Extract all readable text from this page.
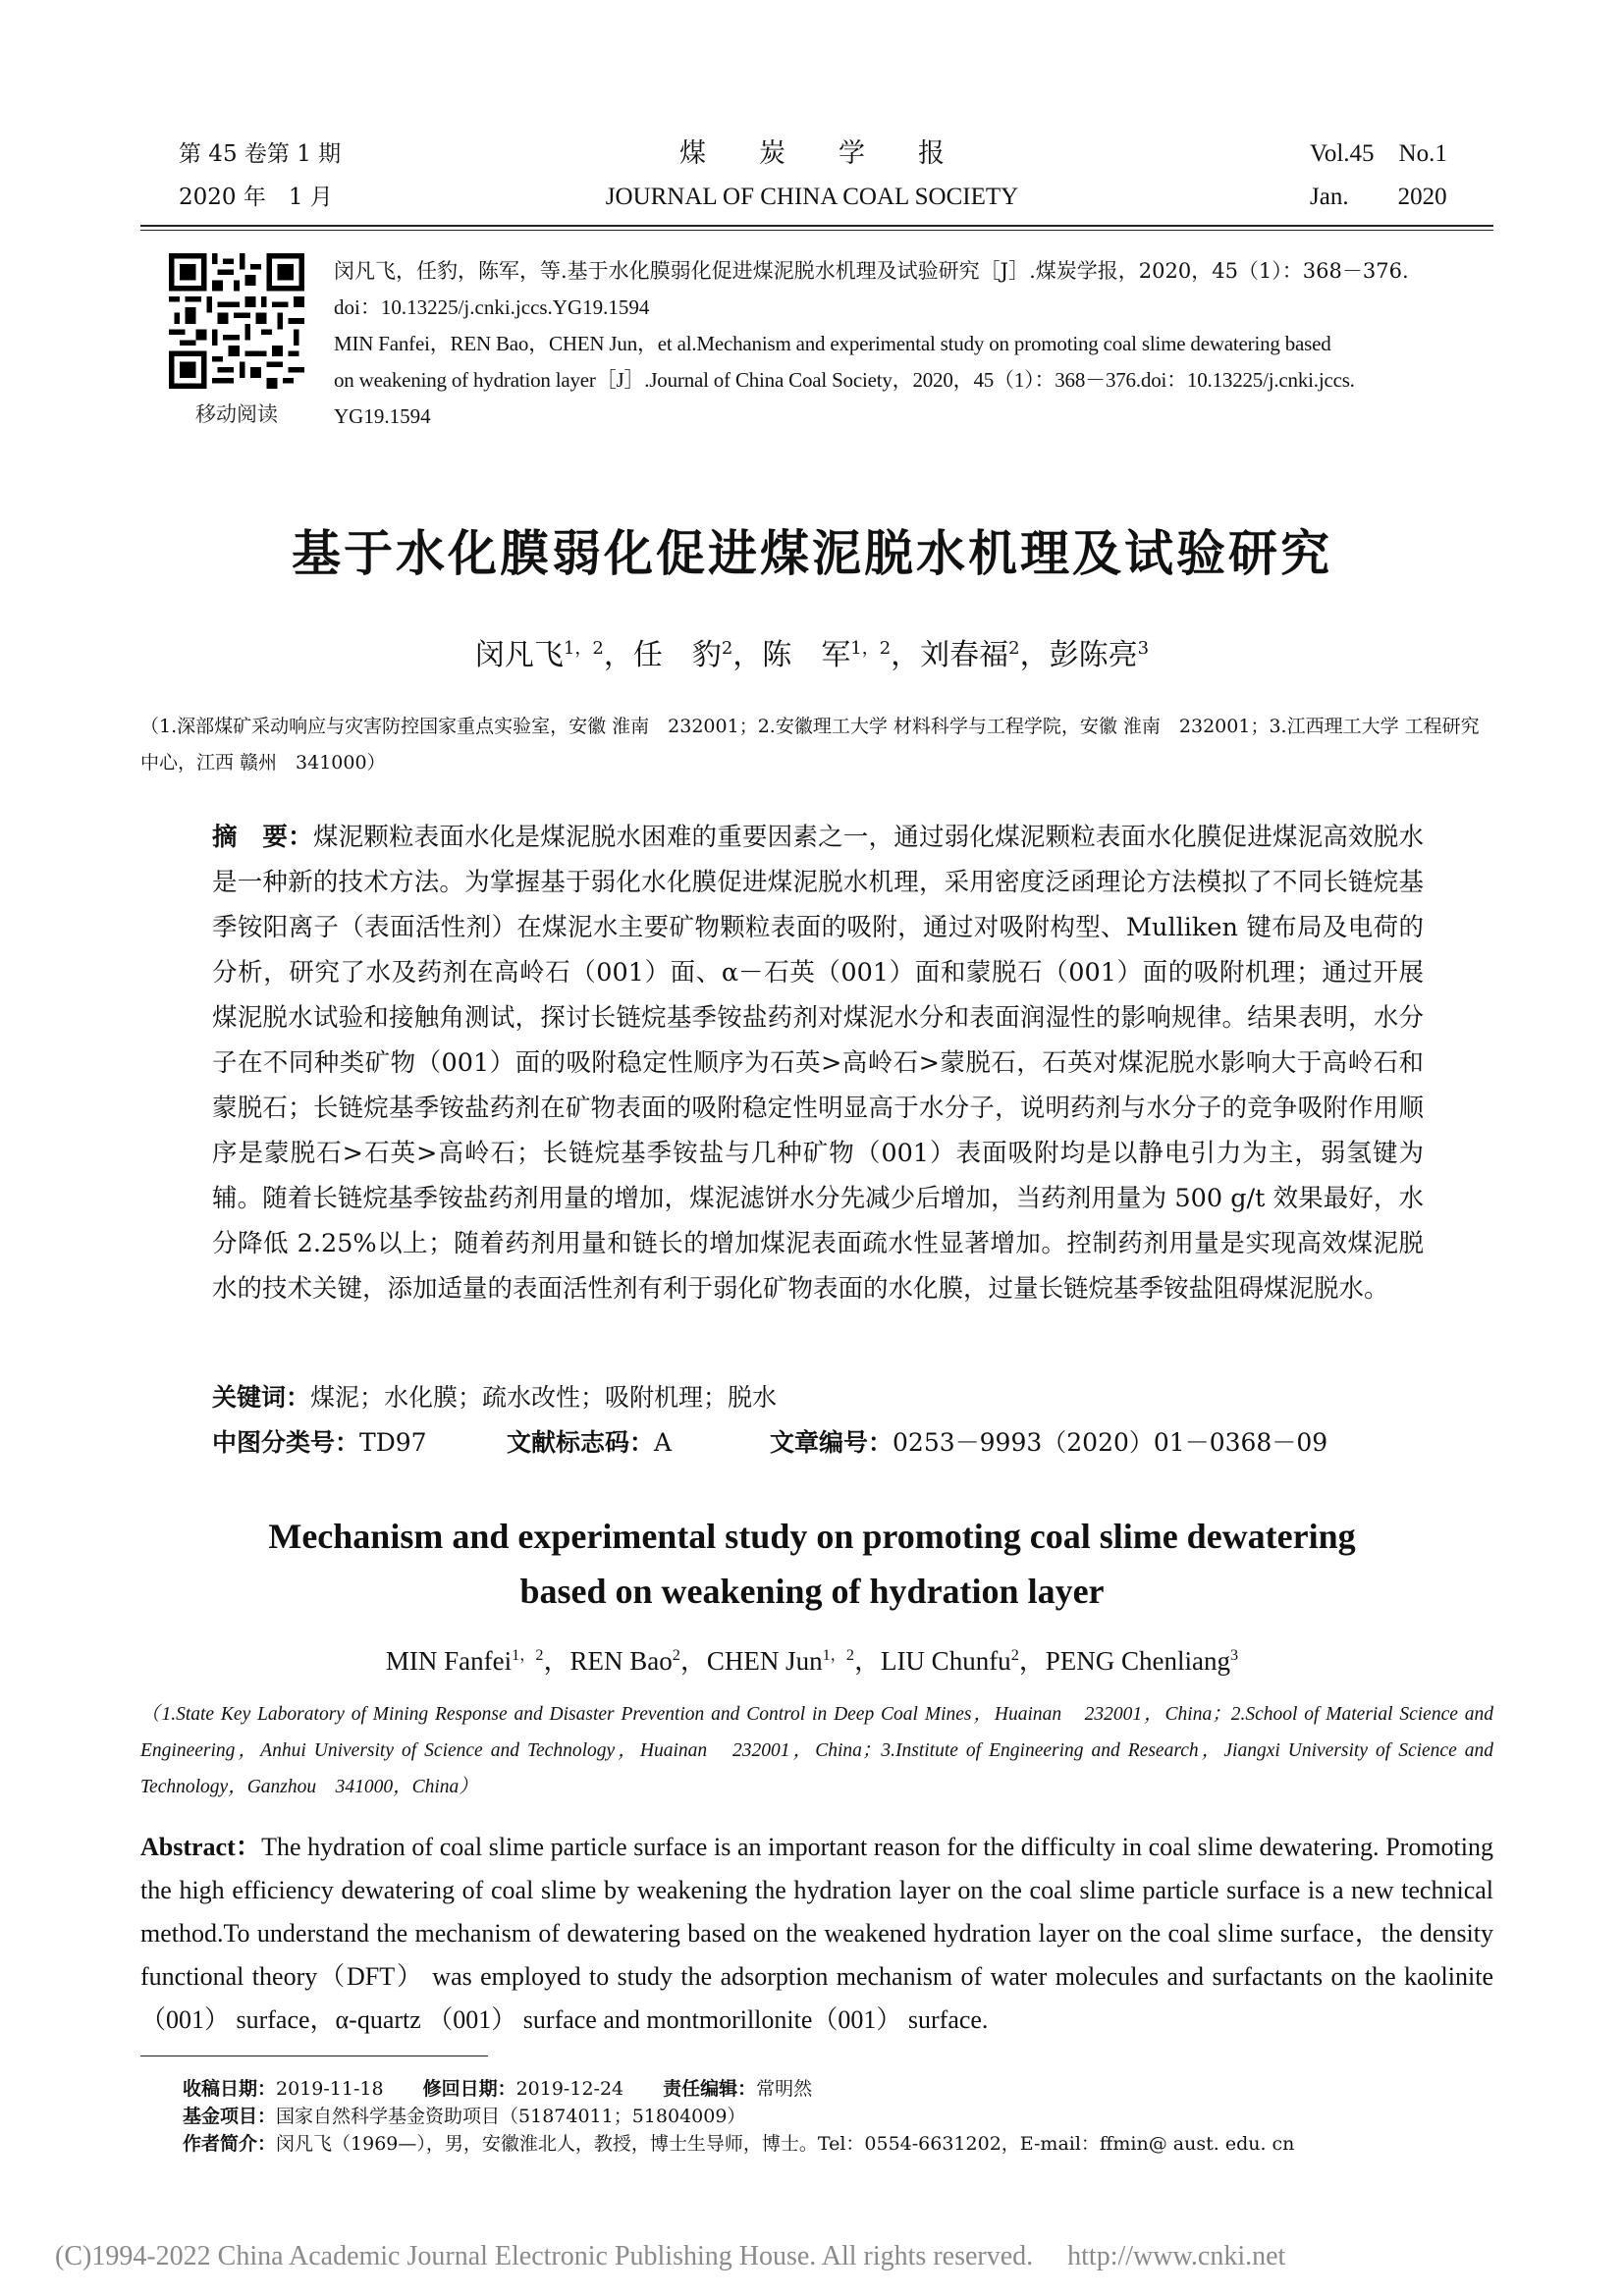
第 45 卷第 1 期
2020 年　1 月
煤　　炭　　学　　报
JOURNAL OF CHINA COAL SOCIETY
Vol.45　No.1
Jan.　　2020
移动阅读
闵凡飞，任豹，陈军，等.基于水化膜弱化促进煤泥脱水机理及试验研究［J］.煤炭学报，2020，45（1）：368－376.
doi：10.13225/j.cnki.jccs.YG19.1594
MIN Fanfei，REN Bao，CHEN Jun，et al.Mechanism and experimental study on promoting coal slime dewatering based
on weakening of hydration layer［J］.Journal of China Coal Society，2020，45（1）：368－376.doi：10.13225/j.cnki.jccs.
YG19.1594
基于水化膜弱化促进煤泥脱水机理及试验研究
闵凡飞$^{1,2}$，任　豹$^2$，陈　军$^{1,2}$，刘春福$^2$，彭陈亮$^3$
（1.深部煤矿采动响应与灾害防控国家重点实验室，安徽 淮南　232001；2.安徽理工大学 材料科学与工程学院，安徽 淮南　232001；3.江西理工大学 工程研究中心，江西 赣州　341000）
摘　要：煤泥颗粒表面水化是煤泥脱水困难的重要因素之一，通过弱化煤泥颗粒表面水化膜促进煤泥高效脱水是一种新的技术方法。为掌握基于弱化水化膜促进煤泥脱水机理，采用密度泛函理论方法模拟了不同长链烷基季铵阳离子（表面活性剂）在煤泥水主要矿物颗粒表面的吸附，通过对吸附构型、Mulliken 键布局及电荷的分析，研究了水及药剂在高岭石（001）面、α－石英（001）面和蒙脱石（001）面的吸附机理；通过开展煤泥脱水试验和接触角测试，探讨长链烷基季铵盐药剂对煤泥水分和表面润湿性的影响规律。结果表明，水分子在不同种类矿物（001）面的吸附稳定性顺序为石英>高岭石>蒙脱石，石英对煤泥脱水影响大于高岭石和蒙脱石；长链烷基季铵盐药剂在矿物表面的吸附稳定性明显高于水分子，说明药剂与水分子的竞争吸附作用顺序是蒙脱石>石英>高岭石；长链烷基季铵盐与几种矿物（001）表面吸附均是以静电引力为主，弱氢键为辅。随着长链烷基季铵盐药剂用量的增加，煤泥滤饼水分先减少后增加，当药剂用量为 500 g/t 效果最好，水分降低 2.25%以上；随着药剂用量和链长的增加煤泥表面疏水性显著增加。控制药剂用量是实现高效煤泥脱水的技术关键，添加适量的表面活性剂有利于弱化矿物表面的水化膜，过量长链烷基季铵盐阻碍煤泥脱水。
关键词：煤泥；水化膜；疏水改性；吸附机理；脱水
中图分类号：TD97	文献标志码：A	文章编号：0253－9993（2020）01－0368－09
Mechanism and experimental study on promoting coal slime dewatering
based on weakening of hydration layer
MIN Fanfei$^{1,2}$，REN Bao$^2$，CHEN Jun$^{1,2}$，LIU Chunfu$^2$，PENG Chenliang$^3$
（1.State Key Laboratory of Mining Response and Disaster Prevention and Control in Deep Coal Mines，Huainan　232001，China；2.School of Material Science and Engineering，Anhui University of Science and Technology，Huainan　232001，China；3.Institute of Engineering and Research，Jiangxi University of Science and Technology，Ganzhou　341000，China）
Abstract：The hydration of coal slime particle surface is an important reason for the difficulty in coal slime dewatering. Promoting the high efficiency dewatering of coal slime by weakening the hydration layer on the coal slime particle surface is a new technical method.To understand the mechanism of dewatering based on the weakened hydration layer on the coal slime surface，the density functional theory（DFT） was employed to study the adsorption mechanism of water molecules and surfactants on the kaolinite（001） surface，α-quartz （001） surface and montmorillonite（001） surface.
收稿日期：2019-11-18 修回日期：2019-12-24 责任编辑：常明然
基金项目：国家自然科学基金资助项目（51874011；51804009）
作者简介：闵凡飞（1969—），男，安徽淮北人，教授，博士生导师，博士。Tel：0554-6631202，E-mail：ffmin@ aust. edu. cn
(C)1994-2022 China Academic Journal Electronic Publishing House. All rights reserved.　 http://www.cnki.net
